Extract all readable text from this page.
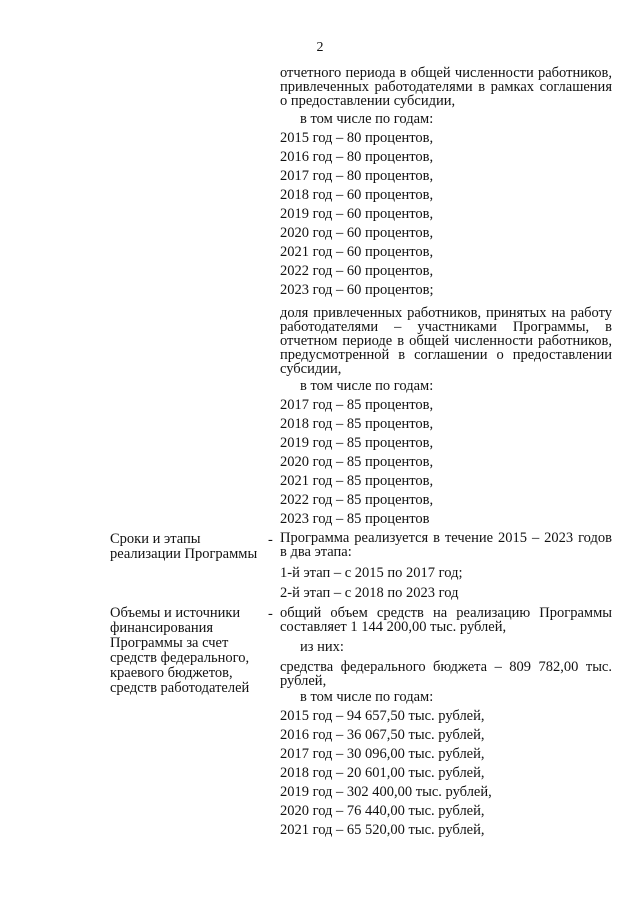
2
отчетного периода в общей численности работников, привлеченных работодателями в рамках соглашения о предоставлении субсидии,
в том числе по годам:
2015 год – 80 процентов,
2016 год – 80 процентов,
2017 год – 80 процентов,
2018 год – 60 процентов,
2019 год – 60 процентов,
2020 год – 60 процентов,
2021 год – 60 процентов,
2022 год – 60 процентов,
2023 год – 60 процентов;
доля привлеченных работников, принятых на работу работодателями – участниками Программы, в отчетном периоде в общей численности работников, предусмотренной в соглашении о предоставлении субсидии,
в том числе по годам:
2017 год – 85 процентов,
2018 год – 85 процентов,
2019 год – 85 процентов,
2020 год – 85 процентов,
2021 год – 85 процентов,
2022 год – 85 процентов,
2023 год – 85 процентов
Сроки и этапы реализации Программы
- Программа реализуется в течение 2015 – 2023 годов в два этапа:
1-й этап – с 2015 по 2017 год;
2-й этап – с 2018 по 2023 год
Объемы и источники финансирования Программы за счет средств федерального, краевого бюджетов, средств работодателей
- общий объем средств на реализацию Программы составляет 1 144 200,00 тыс. рублей,
из них:
средства федерального бюджета – 809 782,00 тыс. рублей,
в том числе по годам:
2015 год – 94 657,50 тыс. рублей,
2016 год – 36 067,50 тыс. рублей,
2017 год – 30 096,00 тыс. рублей,
2018 год – 20 601,00 тыс. рублей,
2019 год – 302 400,00 тыс. рублей,
2020 год – 76 440,00 тыс. рублей,
2021 год – 65 520,00 тыс. рублей,
